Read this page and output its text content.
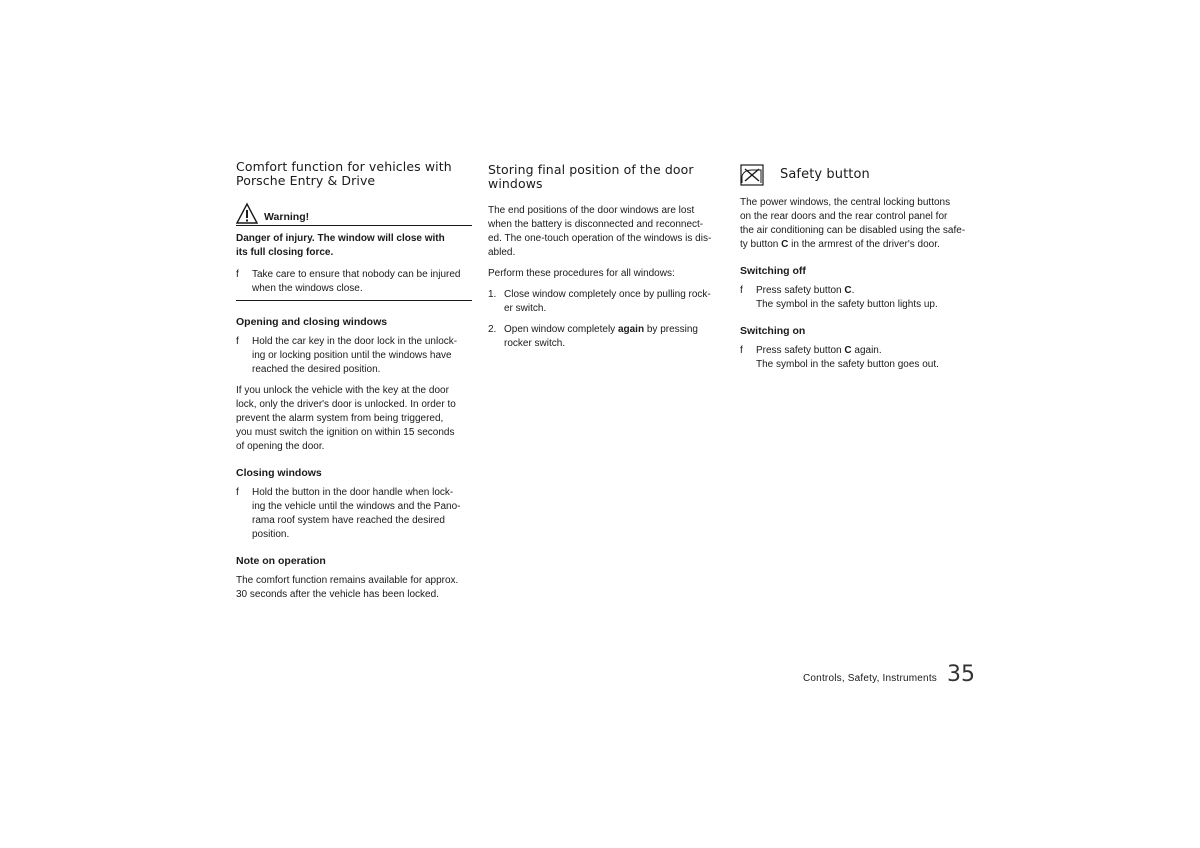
Comfort function for vehicles with
Porsche Entry & Drive
Warning!

Danger of injury. The window will close with
its full closing force.

f Take care to ensure that nobody can be injured
when the windows close.

Opening and closing windows

f Hold the car key in the door lock in the unlock-
ing or locking position until the windows have
reached the desired position.

If you unlock the vehicle with the key at the door
lock, only the driver's door is unlocked. In order to
prevent the alarm system from being triggered,
you must switch the ignition on within 15 seconds
of opening the door.

Closing windows

f Hold the button in the door handle when lock-
ing the vehicle until the windows and the Pano-
rama roof system have reached the desired
position.

Note on operation

The comfort function remains available for approx.
30 seconds after the vehicle has been locked.

Storing final position of the door windows

The end positions of the door windows are lost
when the battery is disconnected and reconnect-
ed. The one-touch operation of the windows is dis-
abled.

Perform these procedures for all windows:

1. Close window completely once by pulling rock-
er switch.
2. Open window completely again by pressing
rocker switch.
Safety button

The power windows, the central locking buttons
on the rear doors and the rear control panel for
the air conditioning can be disabled using the safe-
ty button C in the armrest of the driver's door.

Switching off

f Press safety button C.
The symbol in the safety button lights up.

Switching on

f Press safety button C again.
The symbol in the safety button goes out.
Controls, Safety, Instruments 35
